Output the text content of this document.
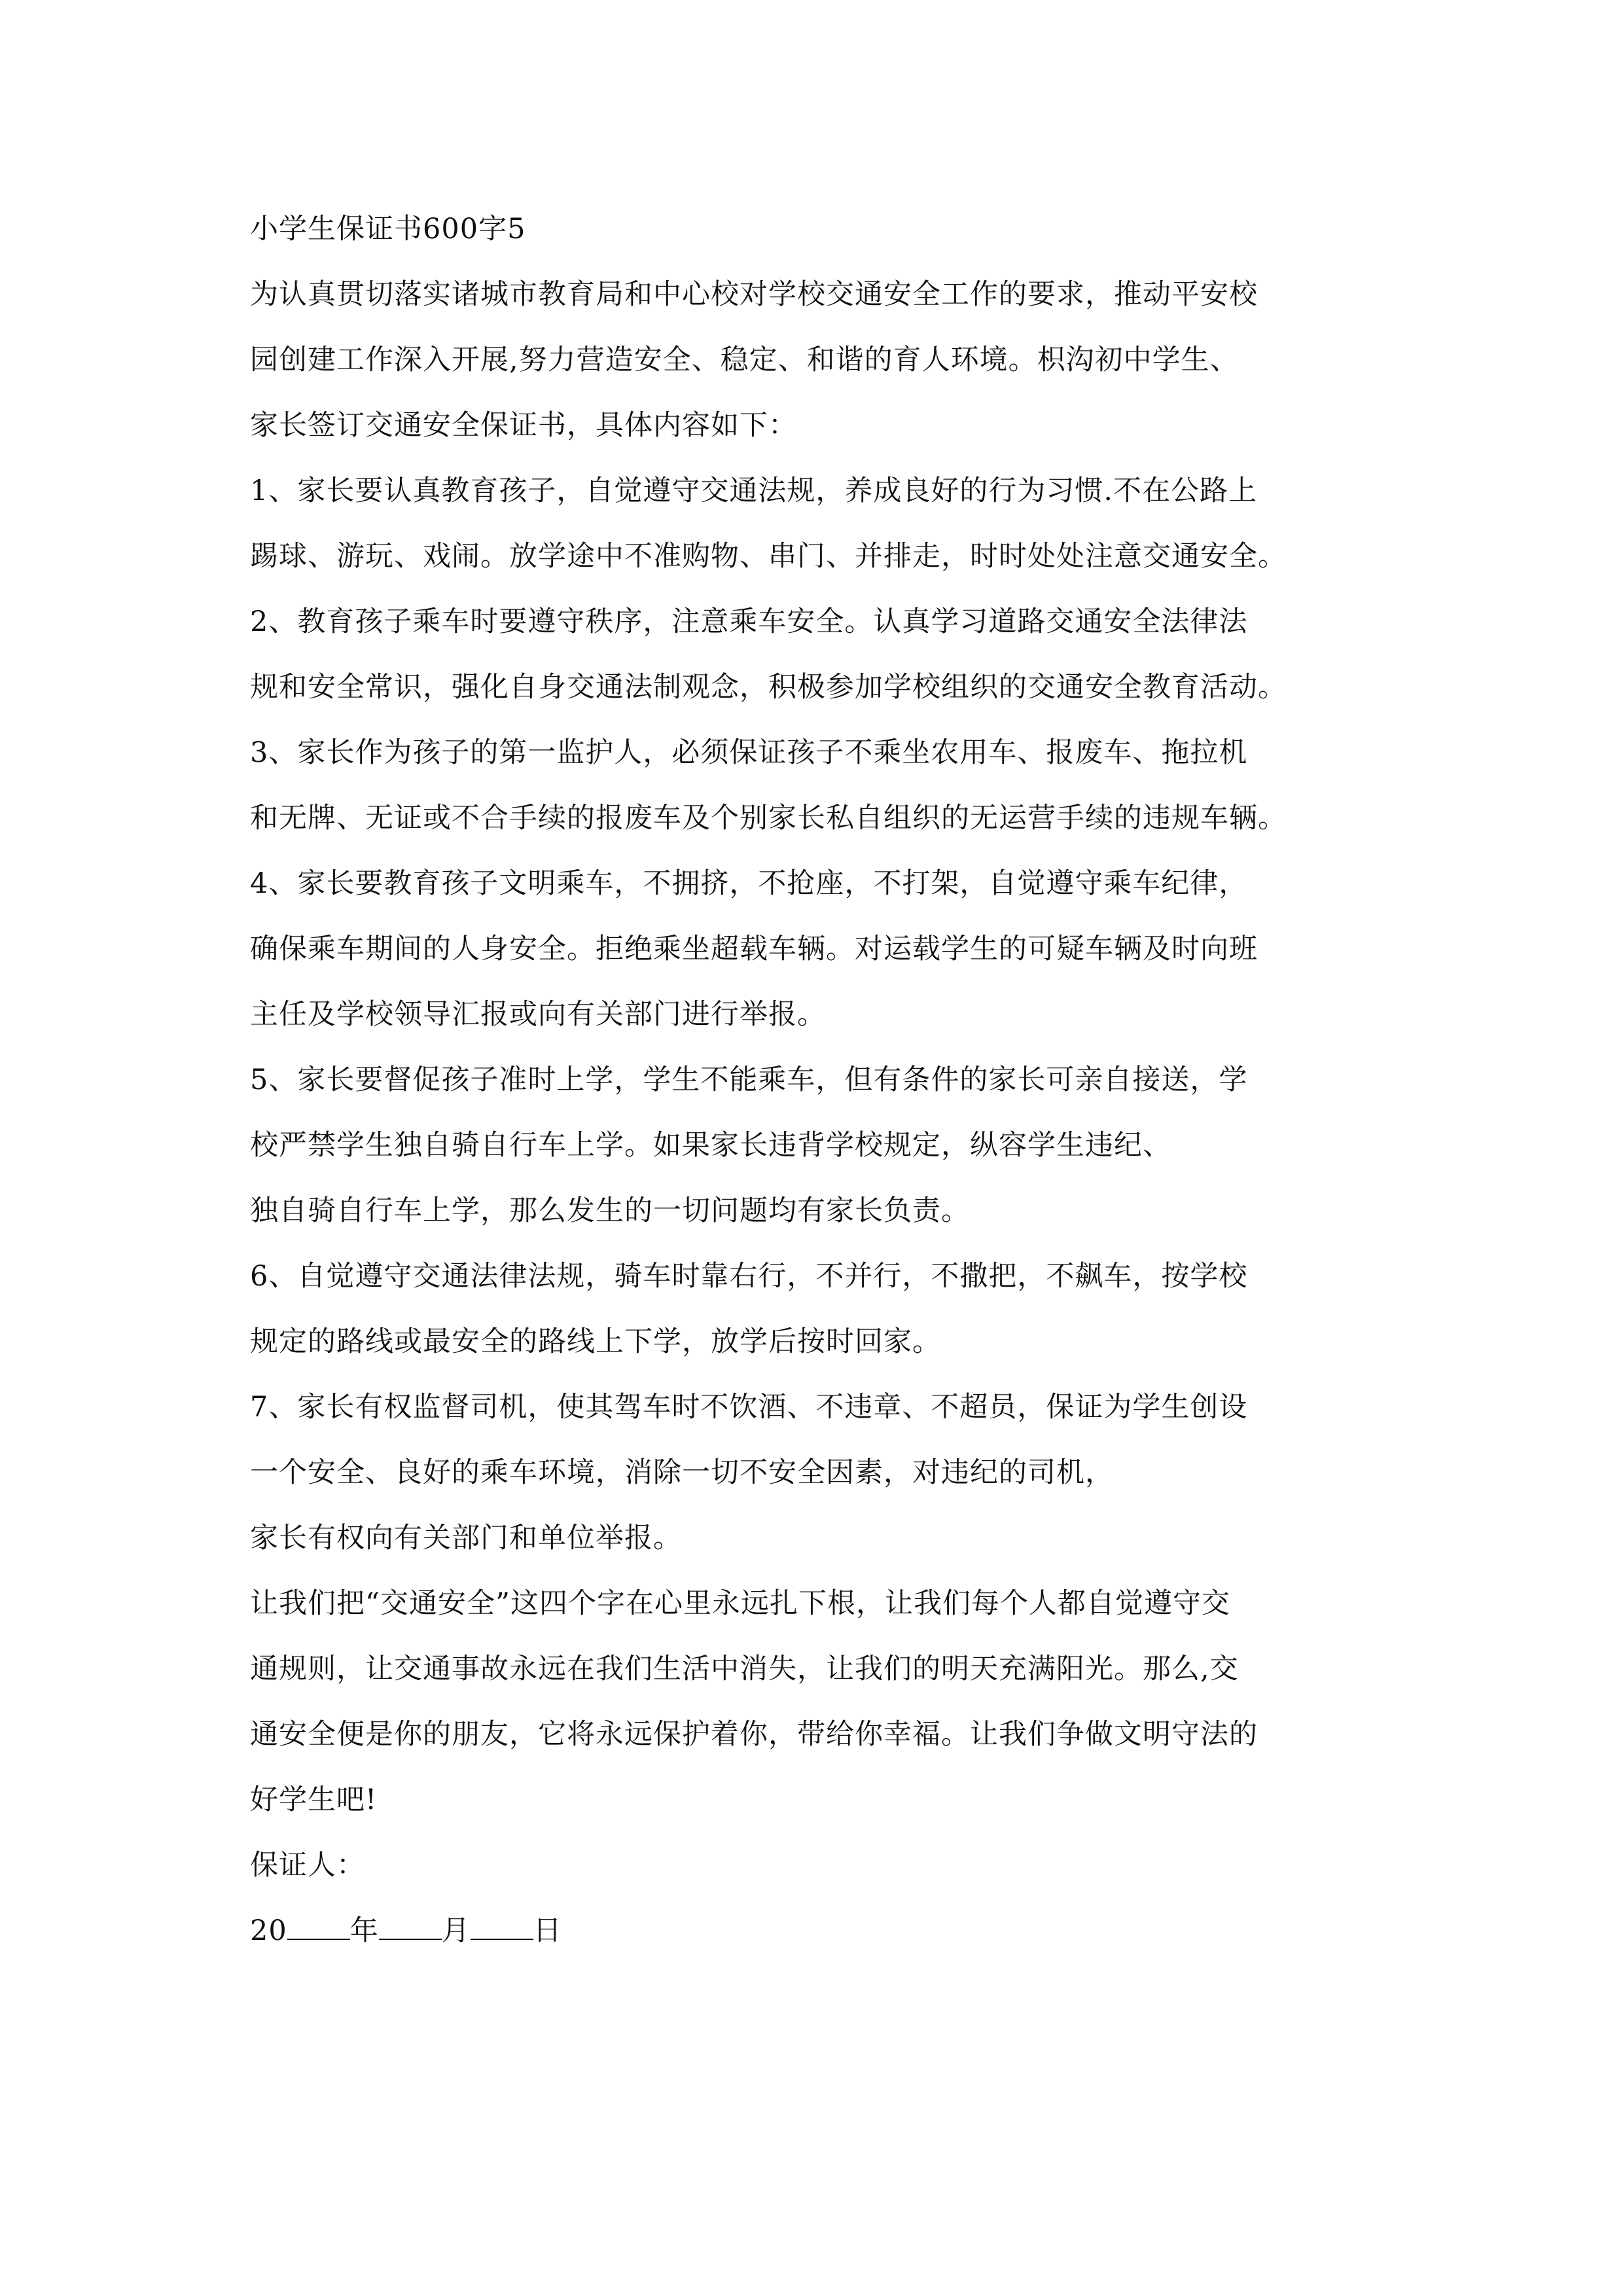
小学生保证书600字5
为认真贯切落实诸城市教育局和中心校对学校交通安全工作的要求，推动平安校
园创建工作深入开展,努力营造安全、稳定、和谐的育人环境。枳沟初中学生、
家长签订交通安全保证书，具体内容如下：
1、家长要认真教育孩子，自觉遵守交通法规，养成良好的行为习惯.不在公路上
踢球、游玩、戏闹。放学途中不准购物、串门、并排走，时时处处注意交通安全。
2、教育孩子乘车时要遵守秩序，注意乘车安全。认真学习道路交通安全法律法
规和安全常识，强化自身交通法制观念，积极参加学校组织的交通安全教育活动。
3、家长作为孩子的第一监护人，必须保证孩子不乘坐农用车、报废车、拖拉机
和无牌、无证或不合手续的报废车及个别家长私自组织的无运营手续的违规车辆。
4、家长要教育孩子文明乘车，不拥挤，不抢座，不打架，自觉遵守乘车纪律，
确保乘车期间的人身安全。拒绝乘坐超载车辆。对运载学生的可疑车辆及时向班
主任及学校领导汇报或向有关部门进行举报。
5、家长要督促孩子准时上学，学生不能乘车，但有条件的家长可亲自接送，学
校严禁学生独自骑自行车上学。如果家长违背学校规定，纵容学生违纪、
独自骑自行车上学，那么发生的一切问题均有家长负责。
6、自觉遵守交通法律法规，骑车时靠右行，不并行，不撒把，不飙车，按学校
规定的路线或最安全的路线上下学，放学后按时回家。
7、家长有权监督司机，使其驾车时不饮酒、不违章、不超员，保证为学生创设
一个安全、良好的乘车环境，消除一切不安全因素，对违纪的司机，
家长有权向有关部门和单位举报。
让我们把“交通安全”这四个字在心里永远扎下根，让我们每个人都自觉遵守交
通规则，让交通事故永远在我们生活中消失，让我们的明天充满阳光。那么,交
通安全便是你的朋友，它将永远保护着你，带给你幸福。让我们争做文明守法的
好学生吧!
保证人：
20 年 月 日
